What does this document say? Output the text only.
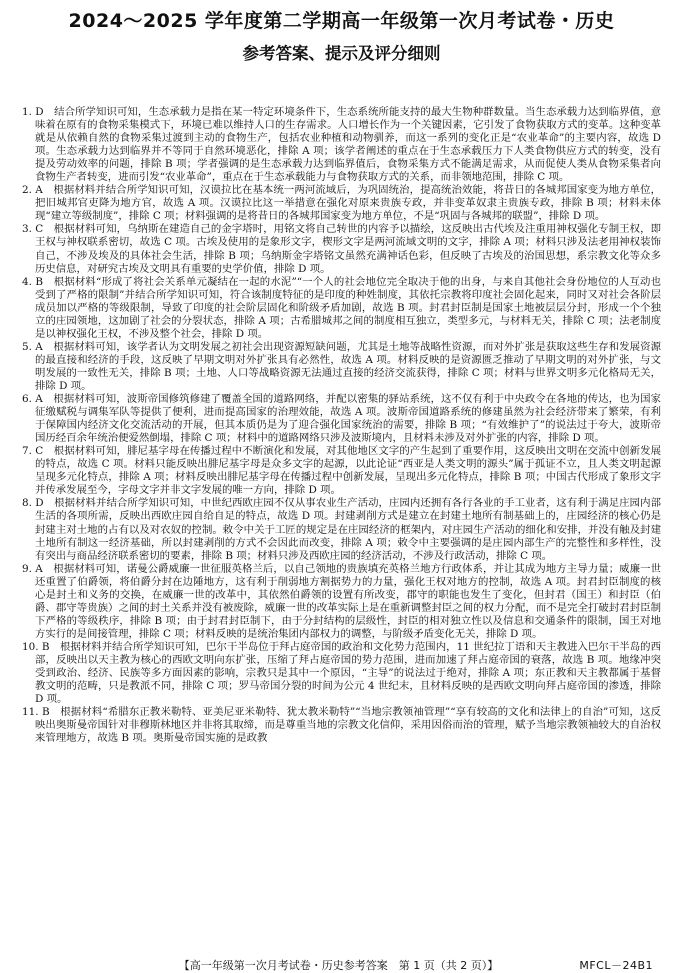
2024～2025 学年度第二学期高一年级第一次月考试卷・历史
参考答案、提示及评分细则

1. D　结合所学知识可知，生态承载力是指在某一特定环境条件下，生态系统所能支持的最大生物种群数量。当生态承载力达到临界值，意味着在原有的食物采集模式下，环境已难以维持人口的生存需求。人口增长作为一个关键因素，它引发了食物获取方式的变革。这种变革就是从依赖自然的食物采集过渡到主动的食物生产，包括农业种植和动物驯养，而这一系列的变化正是“农业革命”的主要内容，故选 D 项。生态承载力达到临界并不等同于自然环境恶化，排除 A 项；该学者阐述的重点在于生态承载压力下人类食物供应方式的转变，没有提及劳动效率的问题，排除 B 项；学者强调的是生态承载力达到临界值后，食物采集方式不能满足需求，从而促使人类从食物采集者向食物生产者转变，进而引发“农业革命”，重点在于生态承载能力与食物获取方式的关系，而非领地范围，排除 C 项。

2. A　根据材料并结合所学知识可知，汉谟拉比在基本统一两河流域后，为巩固统治，提高统治效能，将昔日的各城邦国家变为地方单位，把旧城邦官吏降为地方官，故选 A 项。汉谟拉比这一举措意在强化对原来贵族专政，并非变革奴隶主贵族专政，排除 B 项；材料未体现“建立等级制度”，排除 C 项；材料强调的是将昔日的各城邦国家变为地方单位，不是“巩固与各城邦的联盟”，排除 D 项。

3. C　根据材料可知，乌纳斯在建造自己的金字塔时，用铭文将自己转世的内容予以描绘，这反映出古代埃及注重用神权强化专制王权，即王权与神权联系密切，故选 C 项。古埃及使用的是象形文字，楔形文字是两河流域文明的文字，排除 A 项；材料只涉及法老用神权装饰自己，不涉及埃及的具体社会生活，排除 B 项；乌纳斯金字塔铭文虽然充满神话色彩，但反映了古埃及的治国思想，系宗教文化等众多历史信息，对研究古埃及文明具有重要的史学价值，排除 D 项。

4. B　根据材料“形成了将社会关系单元凝结在一起的水泥”“一个人的社会地位完全取决于他的出身，与来自其他社会身份地位的人互动也受到了严格的限制”并结合所学知识可知，符合该制度特征的是印度的种姓制度，其依托宗教将印度社会固化起来，同时又对社会各阶层成员加以严格的等级限制，导致了印度的社会阶层固化和阶级矛盾加剧，故选 B 项。封君封臣制是国家土地被层层分封，形成一个个独立的庄园领地，这加剧了社会的分裂状态，排除 A 项；古希腊城邦之间的制度相互独立，类型多元，与材料无关，排除 C 项；法老制度是以神权强化王权，不涉及整个社会，排除 D 项。

5. A　根据材料可知，该学者认为文明发展之初社会出现资源短缺问题，尤其是土地等战略性资源，而对外扩张是获取这些生存和发展资源的最直接和经济的手段，这反映了早期文明对外扩张具有必然性，故选 A 项。材料反映的是资源匮乏推动了早期文明的对外扩张，与文明发展的一致性无关，排除 B 项；土地、人口等战略资源无法通过直接的经济交流获得，排除 C 项；材料与世界文明多元化格局无关，排除 D 项。

6. A　根据材料可知，波斯帝国修筑修建了覆盖全国的道路网络，并配以密集的驿站系统，这不仅有利于中央政令在各地的传达，也为国家征缴赋税与调集军队等提供了便利，进而提高国家的治理效能，故选 A 项。波斯帝国道路系统的修建虽然为社会经济带来了繁荣，有利于保障国内经济文化交流活动的开展，但其本质仍是为了迎合强化国家统治的需要，排除 B 项；“有效维护了”的说法过于夸大，波斯帝国历经百余年统治便爱然倒塌，排除 C 项；材料中的道路网络只涉及波斯境内，且材料未涉及对外扩张的内容，排除 D 项。

7. C　根据材料可知，腓尼基字母在传播过程中不断演化和发展，对其他地区文字的产生起到了重要作用，这反映出文明在交流中创新发展的特点，故选 C 项。材料只能反映出腓尼基字母是众多文字的起源，以此论证“西亚是人类文明的源头”属于孤证不立，且人类文明起源呈现多元化特点，排除 A 项；材料反映出腓尼基字母在传播过程中创新发展，呈现出多元化特点，排除 B 项；中国古代形成了象形文字并传承发展至今，字母文字并非文字发展的唯一方向，排除 D 项。

8. D　根据材料并结合所学知识可知，中世纪西欧庄园不仅从事农业生产活动，庄园内还拥有各行各业的手工业者，这有利于满足庄园内部生活的各项所需，反映出西欧庄园自给自足的特点，故选 D 项。封建剥削方式是建立在封建土地所有制基础上的，庄园经济的核心仍是封建主对土地的占有以及对农奴的控制。敕令中关于工匠的规定是在庄园经济的框架内，对庄园生产活动的细化和安排，并没有触及封建土地所有制这一经济基础，所以封建剥削的方式不会因此而改变，排除 A 项；敕令中主要强调的是庄园内部生产的完整性和多样性，没有突出与商品经济联系密切的要素，排除 B 项；材料只涉及西欧庄园的经济活动，不涉及行政活动，排除 C 项。

9. A　根据材料可知，诺曼公爵威廉一世征服英格兰后，以自己领地的贵族填充英格兰地方行政体系，并让其成为地方主导力量；威廉一世还重置了伯爵领，将伯爵分封在边陲地方，这有利于削弱地方割据势力的力量，强化王权对地方的控制，故选 A 项。封君封臣制度的核心是封土和义务的交换，在威廉一世的改革中，其依然伯爵领的设置有所改变，郡守的职能也发生了变化，但封君（国王）和封臣（伯爵、郡守等贵族）之间的封土关系并没有被废除，威廉一世的改革实际上是在重新调整封臣之间的权力分配，而不是完全打破封君封臣制下严格的等级秩序，排除 B 项；由于封君封臣制下，由于分封结构的层级性，封臣的相对独立性以及信息和交通条件的限制，国王对地方实行的是间接管理，排除 C 项；材料反映的是统治集团内部权力的调整，与阶级矛盾变化无关，排除 D 项。

10. B　根据材料并结合所学知识可知，巴尔干半岛位于拜占庭帝国的政治和文化势力范围内，11 世纪拉丁语和天主教进入巴尔干半岛的西部，反映出以天主教为核心的西欧文明向东扩张，压缩了拜占庭帝国的势力范围，进而加速了拜占庭帝国的衰落，故选 B 项。地缘冲突受到政治、经济、民族等多方面因素的影响，宗教只是其中一个原因，“主导”的说法过于绝对，排除 A 项；东正教和天主教都属于基督教文明的范畴，只是教派不同，排除 C 项；罗马帝国分裂的时间为公元 4 世纪末，且材料反映的是西欧文明向拜占庭帝国的渗透，排除 D 项。

11. B　根据材料“希腊东正教米勒特、亚美尼亚米勒特、犹太教米勒特”“当地宗教领袖管理”“享有较高的文化和法律上的自治”可知，这反映出奥斯曼帝国针对非穆斯林地区并非将其取缔，而是尊重当地的宗教文化信仰，采用因俗而治的管理，赋予当地宗教领袖较大的自治权来管理地方，故选 B 项。奥斯曼帝国实施的是政教

【高一年级第一次月考试卷・历史参考答案　第 1 页（共 2 页）】	MFCL－24B1
